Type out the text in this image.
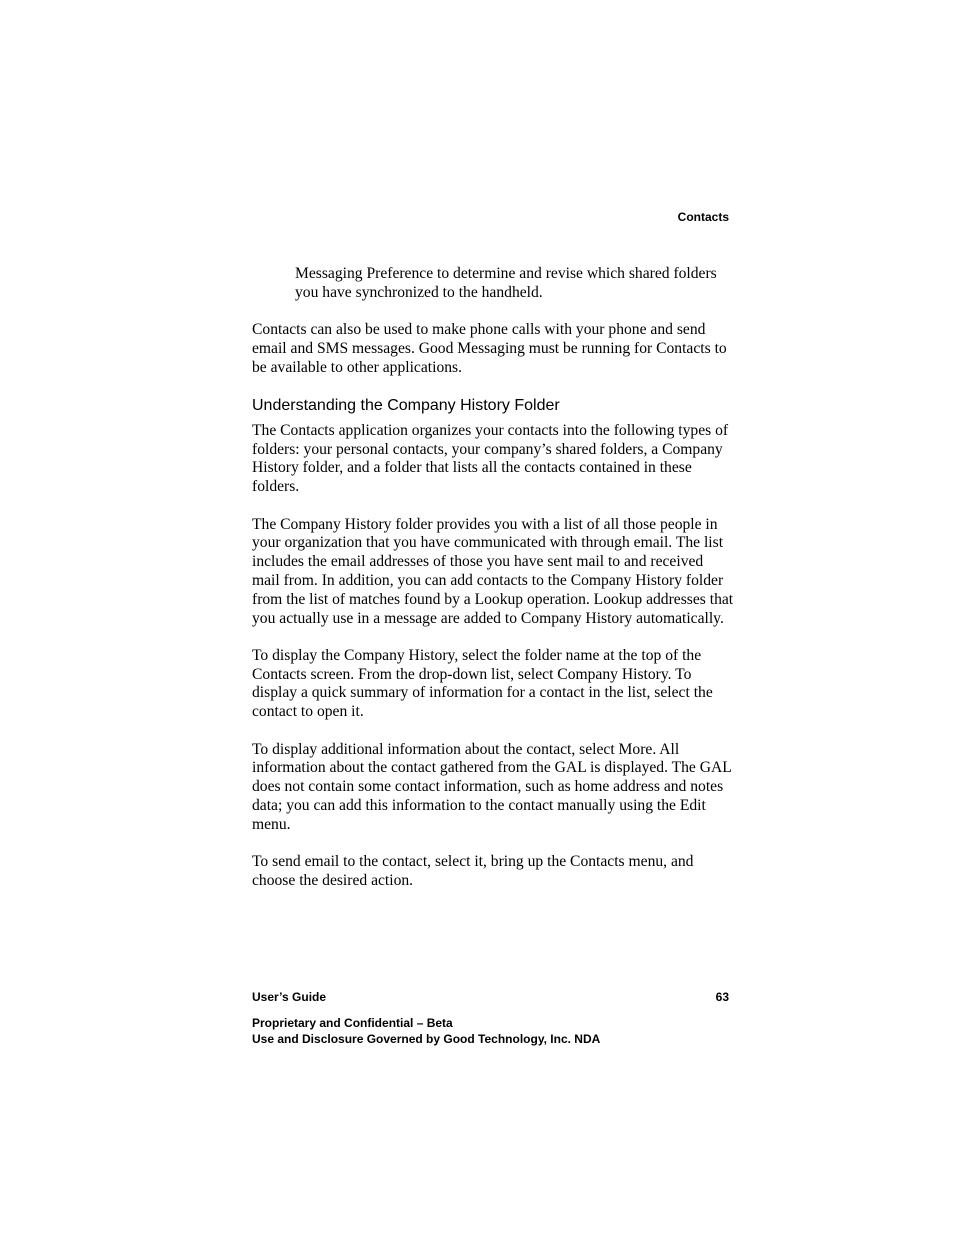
Contacts

Messaging Preference to determine and revise which shared folders you have synchronized to the handheld.

Contacts can also be used to make phone calls with your phone and send email and SMS messages. Good Messaging must be running for Contacts to be available to other applications.

Understanding the Company History Folder

The Contacts application organizes your contacts into the following types of folders: your personal contacts, your company’s shared folders, a Company History folder, and a folder that lists all the contacts contained in these folders.

The Company History folder provides you with a list of all those people in your organization that you have communicated with through email. The list includes the email addresses of those you have sent mail to and received mail from. In addition, you can add contacts to the Company History folder from the list of matches found by a Lookup operation. Lookup addresses that you actually use in a message are added to Company History automatically.

To display the Company History, select the folder name at the top of the Contacts screen. From the drop-down list, select Company History. To display a quick summary of information for a contact in the list, select the contact to open it.

To display additional information about the contact, select More. All information about the contact gathered from the GAL is displayed. The GAL does not contain some contact information, such as home address and notes data; you can add this information to the contact manually using the Edit menu.

To send email to the contact, select it, bring up the Contacts menu, and choose the desired action.

User’s Guide	63
Proprietary and Confidential – Beta
Use and Disclosure Governed by Good Technology, Inc. NDA
